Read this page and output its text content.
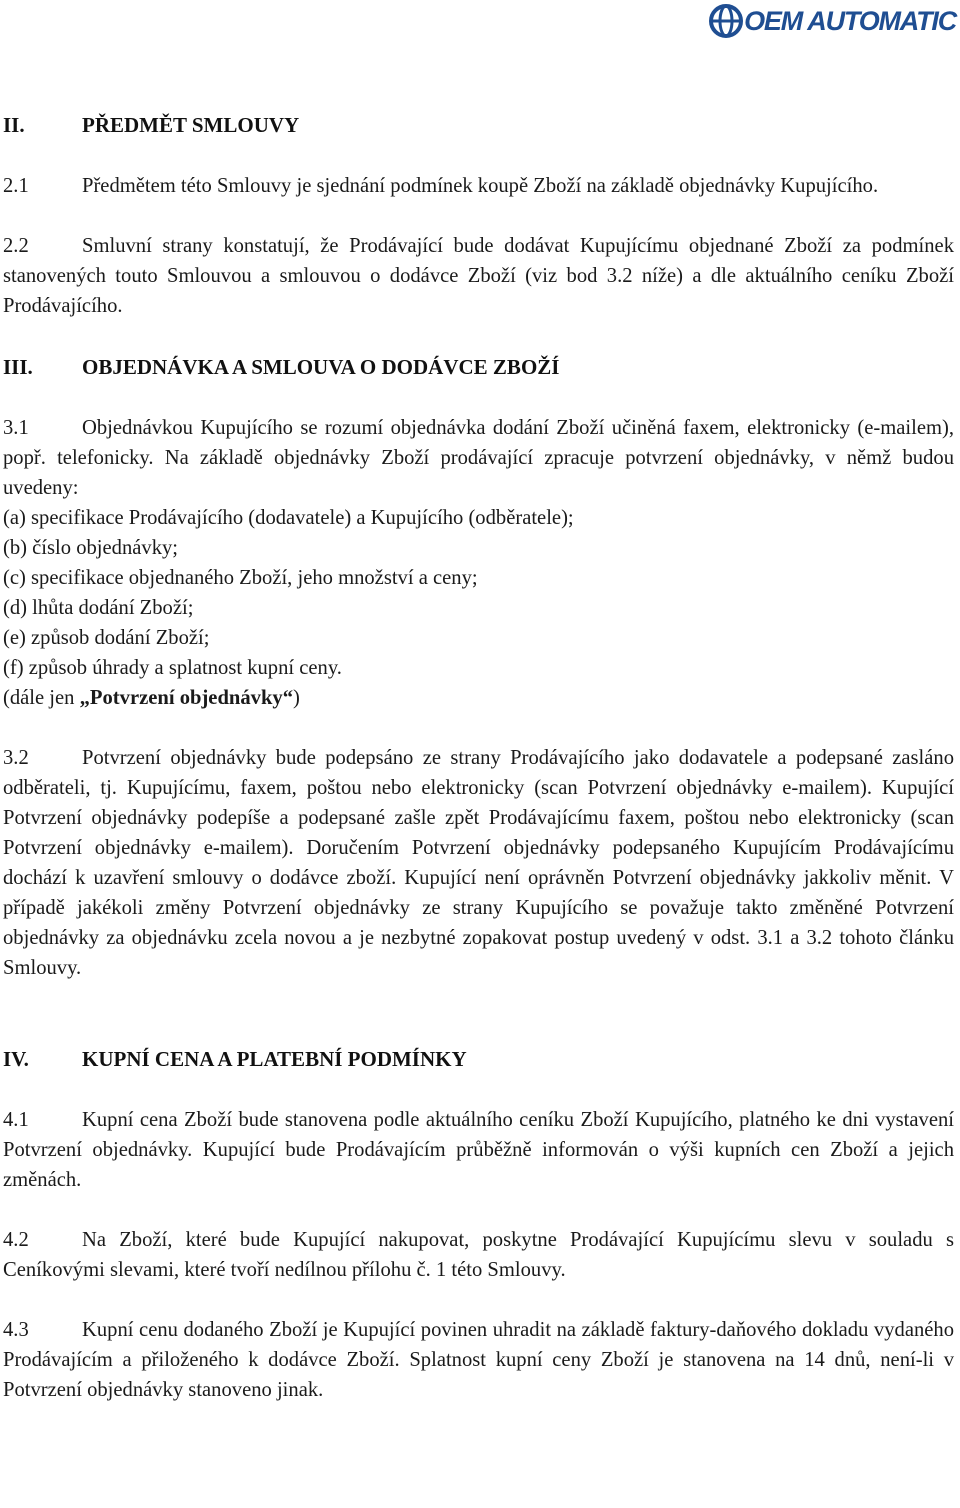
OEM AUTOMATIC
II.	PŘEDMĚT SMLOUVY

2.1	Předmětem této Smlouvy je sjednání podmínek koupě Zboží na základě objednávky Kupujícího.

2.2	Smluvní strany konstatují, že Prodávající bude dodávat Kupujícímu objednané Zboží za podmínek stanovených touto Smlouvou a smlouvou o dodávce Zboží (viz bod 3.2 níže) a dle aktuálního ceníku Zboží Prodávajícího.

III.	OBJEDNÁVKA A SMLOUVA O DODÁVCE ZBOŽÍ

3.1	Objednávkou Kupujícího se rozumí objednávka dodání Zboží učiněná faxem, elektronicky (e-mailem), popř. telefonicky. Na základě objednávky Zboží prodávající zpracuje potvrzení objednávky, v němž budou uvedeny:

(a) specifikace Prodávajícího (dodavatele) a Kupujícího (odběratele);
(b) číslo objednávky;
(c) specifikace objednaného Zboží, jeho množství a ceny;
(d) lhůta dodání Zboží;
(e) způsob dodání Zboží;
(f) způsob úhrady a splatnost kupní ceny.
(dále jen „Potvrzení objednávky“)

3.2	Potvrzení objednávky bude podepsáno ze strany Prodávajícího jako dodavatele a podepsané zasláno odběrateli, tj. Kupujícímu, faxem, poštou nebo elektronicky (scan Potvrzení objednávky e-mailem). Kupující Potvrzení objednávky podepíše a podepsané zašle zpět Prodávajícímu faxem, poštou nebo elektronicky (scan Potvrzení objednávky e-mailem). Doručením Potvrzení objednávky podepsaného Kupujícím Prodávajícímu dochází k uzavření smlouvy o dodávce zboží. Kupující není oprávněn Potvrzení objednávky jakkoliv měnit. V případě jakékoli změny Potvrzení objednávky ze strany Kupujícího se považuje takto změněné Potvrzení objednávky za objednávku zcela novou a je nezbytné zopakovat postup uvedený v odst. 3.1 a 3.2 tohoto článku Smlouvy.

IV.	KUPNÍ CENA A PLATEBNÍ PODMÍNKY

4.1	Kupní cena Zboží bude stanovena podle aktuálního ceníku Zboží Kupujícího, platného ke dni vystavení Potvrzení objednávky. Kupující bude Prodávajícím průběžně informován o výši kupních cen Zboží a jejich změnách.

4.2	Na Zboží, které bude Kupující nakupovat, poskytne Prodávající Kupujícímu slevu v souladu s Ceníkovými slevami, které tvoří nedílnou přílohu č. 1 této Smlouvy.

4.3	Kupní cenu dodaného Zboží je Kupující povinen uhradit na základě faktury-daňového dokladu vydaného Prodávajícím a přiloženého k dodávce Zboží. Splatnost kupní ceny Zboží je stanovena na 14 dnů, není-li v Potvrzení objednávky stanoveno jinak.
